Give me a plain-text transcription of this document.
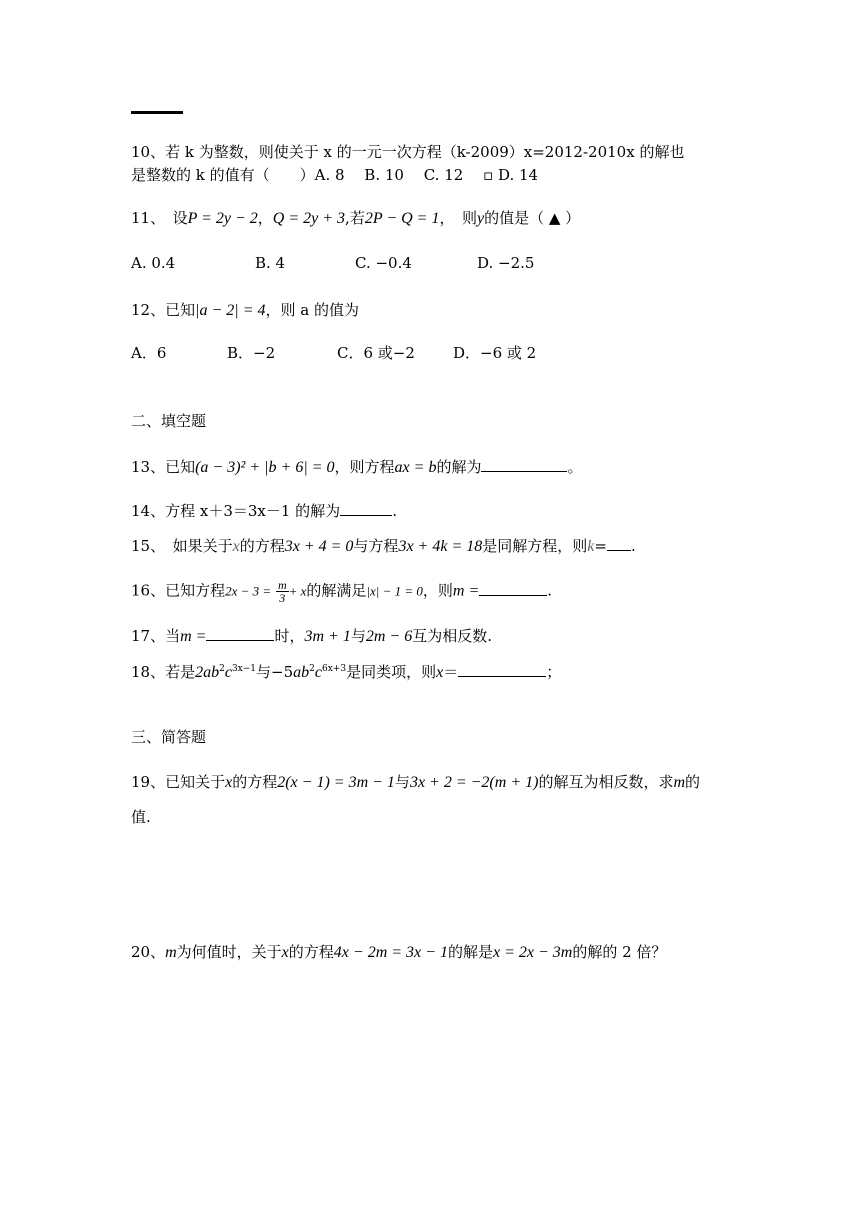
10、若 k 为整数，则使关于 x 的一元一次方程（k-2009）x=2012-2010x 的解也
是整数的 k 的值有（　　）A. 8　 B. 10　 C. 12　 ▫ D. 14
11、　设P = 2y − 2，Q = 2y + 3,若2P − Q = 1，　则y的值是（ ▲ ）
A. 0.4	B. 4	C. −0.4	D. −2.5
12、已知|a − 2| = 4，则 a 的值为
A．6	B．−2	C．6 或−2	D．−6 或 2
二、填空题
13、已知(a − 3)² + |b + 6| = 0，则方程ax = b的解为	。
14、方程 x＋3＝3x－1 的解为	.
15、　如果关于x的方程3x + 4 = 0与方程3x + 4k = 18是同解方程，则k= .
16、已知方程$2x - 3 = \frac{m}{3} + x$的解满足|x| − 1 = 0，则m =	.
17、当m =	时，3m + 1与2m − 6互为相反数.
18、若是$2ab^2c^{3x-1}$与$-5ab^2c^{6x+3}$是同类项，则x＝	；
三、简答题
19、已知关于x的方程2(x − 1) = 3m − 1与3x + 2 = −2(m + 1)的解互为相反数，求m的
值.
20、m为何值时，关于x的方程4x − 2m = 3x − 1的解是x = 2x − 3m的解的 2 倍？
